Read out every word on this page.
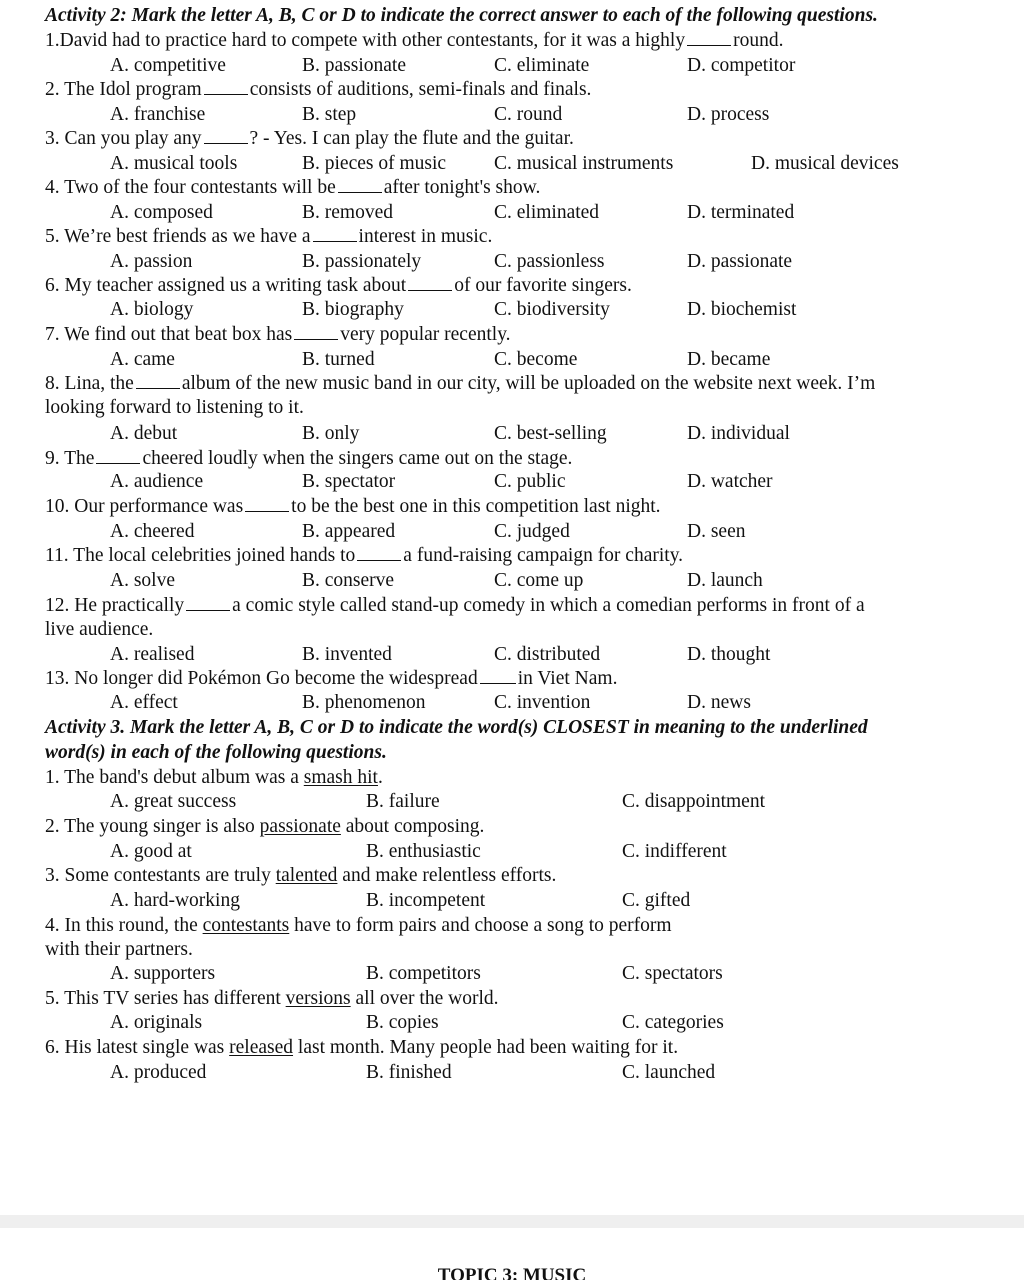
Activity 2: Mark the letter A, B, C or D to indicate the correct answer to each of the following questions.
1.David had to practice hard to compete with other contestants, for it was a highly round.
A. competitive	B. passionate	C. eliminate	D. competitor
2. The Idol program consists of auditions, semi-finals and finals.
A. franchise	B. step	C. round	D. process
3. Can you play any ? - Yes. I can play the flute and the guitar.
A. musical tools	B. pieces of music C. musical instruments	D. musical devices
4. Two of the four contestants will be after tonight's show.
A. composed	B. removed	C. eliminated	D. terminated
5. We’re best friends as we have a interest in music.
A. passion	B. passionately	C. passionless	D. passionate
6. My teacher assigned us a writing task about of our favorite singers.
A. biology	B. biography	C. biodiversity	D. biochemist
7. We find out that beat box has very popular recently.
A. came	B. turned	C. become	D. became
8. Lina, the album of the new music band in our city, will be uploaded on the website next week. I’m
looking forward to listening to it.
A. debut	B. only	C. best-selling	D. individual
9. The cheered loudly when the singers came out on the stage.
A. audience	B. spectator	C. public	D. watcher
10. Our performance was to be the best one in this competition last night.
A. cheered	B. appeared	C. judged	D. seen
11. The local celebrities joined hands to a fund-raising campaign for charity.
A. solve	B. conserve	C. come up	D. launch
12. He practically a comic style called stand-up comedy in which a comedian performs in front of a
live audience.
A. realised	B. invented	C. distributed	D. thought
13. No longer did Pokémon Go become the widespread in Viet Nam.
A. effect	B. phenomenon	C. invention	D. news
Activity 3. Mark the letter A, B, C or D to indicate the word(s) CLOSEST in meaning to the underlined
word(s) in each of the following questions.
1. The band's debut album was a smash hit.
A. great success	B. failure	C. disappointment
2. The young singer is also passionate about composing.
A. good at	B. enthusiastic	C. indifferent
3. Some contestants are truly talented and make relentless efforts.
A. hard-working	B. incompetent	C. gifted
4. In this round, the contestants have to form pairs and choose a song to perform
with their partners.
A. supporters	B. competitors	C. spectators
5. This TV series has different versions all over the world.
A. originals	B. copies	C. categories
6. His latest single was released last month. Many people had been waiting for it.
A. produced	B. finished	C. launched
TOPIC 3: MUSIC
